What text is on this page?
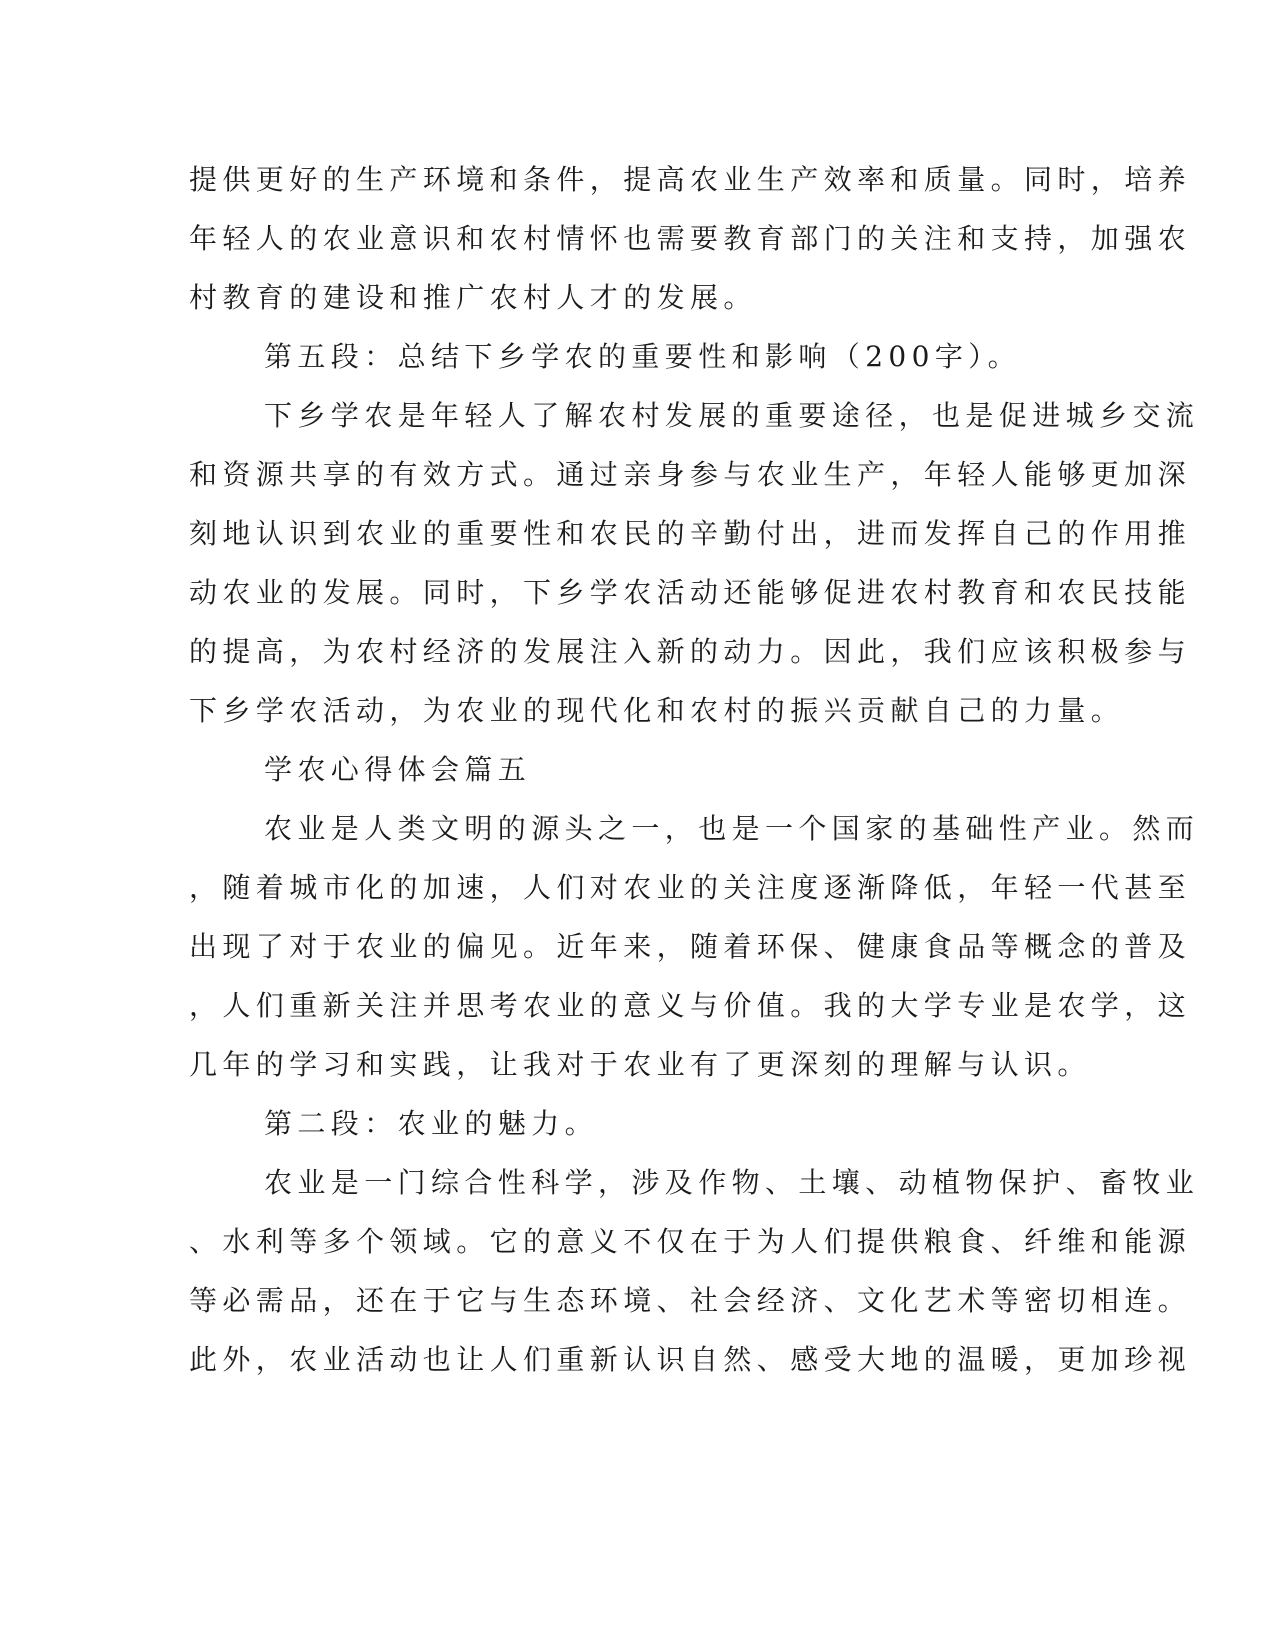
提供更好的生产环境和条件，提高农业生产效率和质量。同时，培养
年轻人的农业意识和农村情怀也需要教育部门的关注和支持，加强农
村教育的建设和推广农村人才的发展。
第五段：总结下乡学农的重要性和影响（200字）。
下乡学农是年轻人了解农村发展的重要途径，也是促进城乡交流
和资源共享的有效方式。通过亲身参与农业生产，年轻人能够更加深
刻地认识到农业的重要性和农民的辛勤付出，进而发挥自己的作用推
动农业的发展。同时，下乡学农活动还能够促进农村教育和农民技能
的提高，为农村经济的发展注入新的动力。因此，我们应该积极参与
下乡学农活动，为农业的现代化和农村的振兴贡献自己的力量。
学农心得体会篇五
农业是人类文明的源头之一，也是一个国家的基础性产业。然而
，随着城市化的加速，人们对农业的关注度逐渐降低，年轻一代甚至
出现了对于农业的偏见。近年来，随着环保、健康食品等概念的普及
，人们重新关注并思考农业的意义与价值。我的大学专业是农学，这
几年的学习和实践，让我对于农业有了更深刻的理解与认识。
第二段：农业的魅力。
农业是一门综合性科学，涉及作物、土壤、动植物保护、畜牧业
、水利等多个领域。它的意义不仅在于为人们提供粮食、纤维和能源
等必需品，还在于它与生态环境、社会经济、文化艺术等密切相连。
此外，农业活动也让人们重新认识自然、感受大地的温暖，更加珍视
